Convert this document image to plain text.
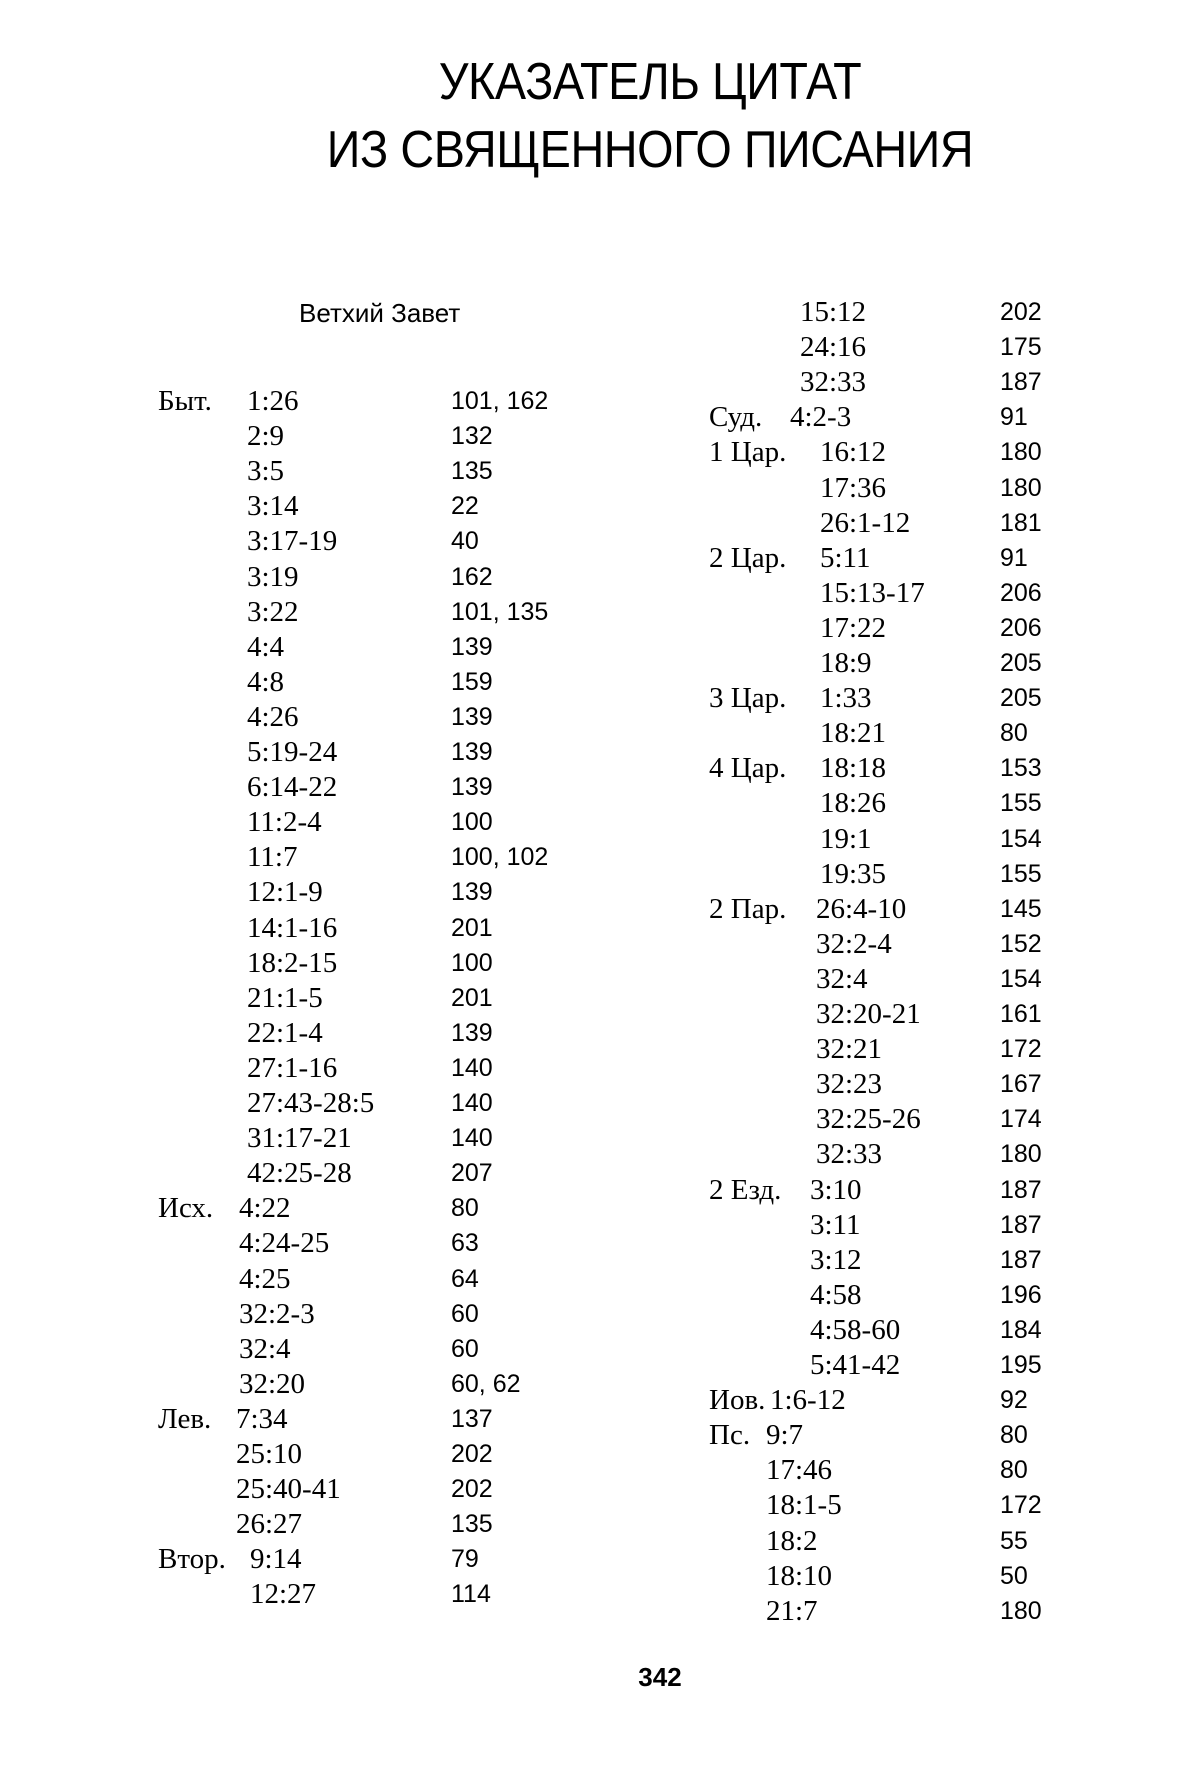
УКАЗАТЕЛЬ ЦИТАТ
ИЗ СВЯЩЕННОГО ПИСАНИЯ
Ветхий Завет
Быт. 1:26	101, 162
2:9	132
3:5	135
3:14	22
3:17-19	40
3:19	162
3:22	101, 135
4:4	139
4:8	159
4:26	139
5:19-24	139
6:14-22	139
11:2-4	100
11:7	100, 102
12:1-9	139
14:1-16	201
18:2-15	100
21:1-5	201
22:1-4	139
27:1-16	140
27:43-28:5	140
31:17-21	140
42:25-28	207
Исх. 4:22	80
4:24-25	63
4:25	64
32:2-3	60
32:4	60
32:20	60, 62
Лев. 7:34	137
25:10	202
25:40-41	202
26:27	135
Втор. 9:14	79
12:27	114
15:12	202
24:16	175
32:33	187
Суд. 4:2-3	91
1 Цар. 16:12	180
17:36	180
26:1-12	181
2 Цар. 5:11	91
15:13-17	206
17:22	206
18:9	205
3 Цар. 1:33	205
18:21	80
4 Цар. 18:18	153
18:26	155
19:1	154
19:35	155
2 Пар. 26:4-10	145
32:2-4	152
32:4	154
32:20-21	161
32:21	172
32:23	167
32:25-26	174
32:33	180
2 Езд. 3:10	187
3:11	187
3:12	187
4:58	196
4:58-60	184
5:41-42	195
Иов. 1:6-12	92
Пс. 9:7	80
17:46	80
18:1-5	172
18:2	55
18:10	50
21:7	180
342
